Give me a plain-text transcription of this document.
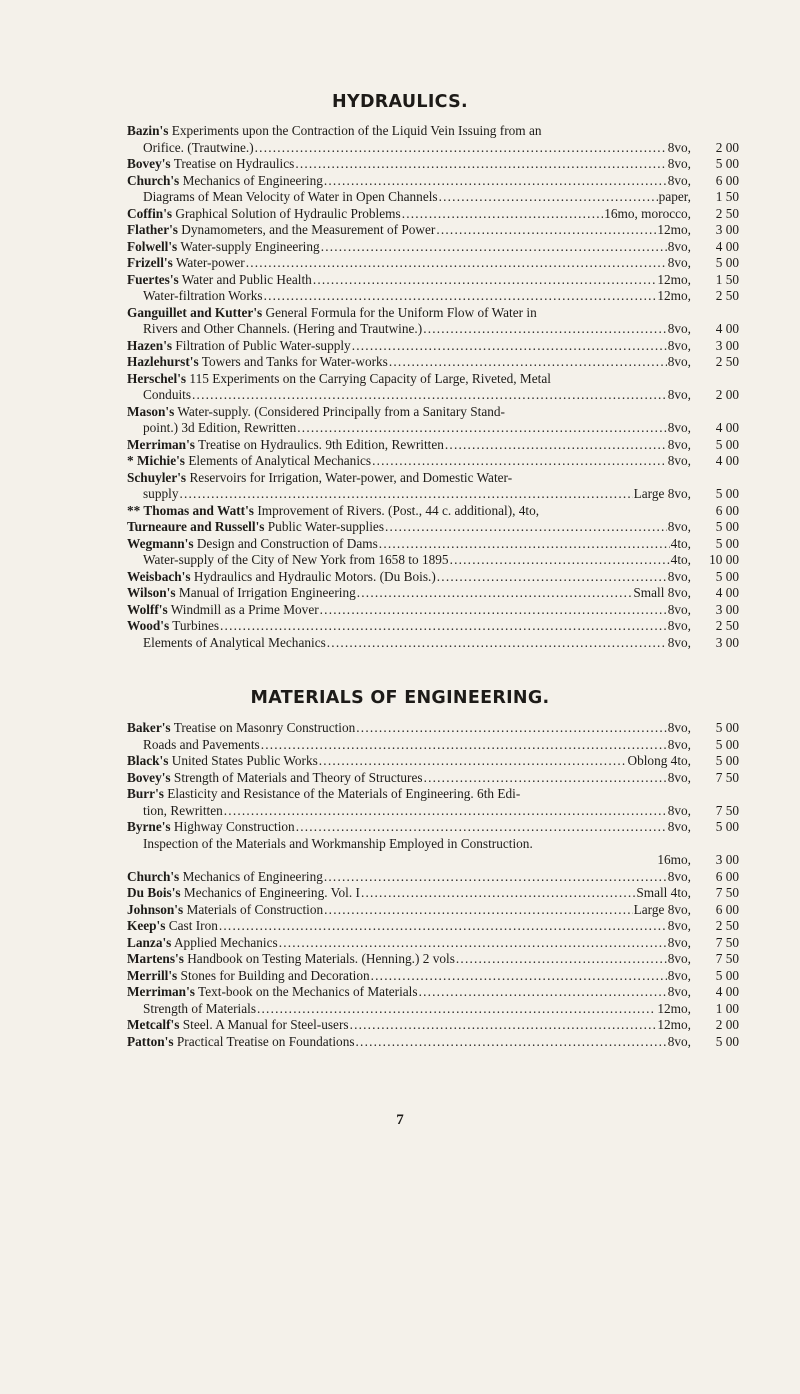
HYDRAULICS.
Bazin's Experiments upon the Contraction of the Liquid Vein Issuing from an
Orifice. (Trautwine.) .....	8vo,	2 00
Bovey's Treatise on Hydraulics .....	8vo,	5 00
Church's Mechanics of Engineering .....	8vo,	6 00
Diagrams of Mean Velocity of Water in Open Channels .....	paper,	1 50
Coffin's Graphical Solution of Hydraulic Problems .....	16mo, morocco,	2 50
Flather's Dynamometers, and the Measurement of Power .....	12mo,	3 00
Folwell's Water-supply Engineering .....	8vo,	4 00
Frizell's Water-power .....	8vo,	5 00
Fuertes's Water and Public Health .....	12mo,	1 50
Water-filtration Works .....	12mo,	2 50
Ganguillet and Kutter's General Formula for the Uniform Flow of Water in
Rivers and Other Channels. (Hering and Trautwine.) .....	8vo,	4 00
Hazen's Filtration of Public Water-supply .....	8vo,	3 00
Hazlehurst's Towers and Tanks for Water-works .....	8vo,	2 50
Herschel's 115 Experiments on the Carrying Capacity of Large, Riveted, Metal
Conduits .....	8vo,	2 00
Mason's Water-supply. (Considered Principally from a Sanitary Stand-
point.) 3d Edition, Rewritten .....	8vo,	4 00
Merriman's Treatise on Hydraulics. 9th Edition, Rewritten .....	8vo,	5 00
* Michie's Elements of Analytical Mechanics .....	8vo,	4 00
Schuyler's Reservoirs for Irrigation, Water-power, and Domestic Water-
supply .....	Large 8vo,	5 00
** Thomas and Watt's Improvement of Rivers. (Post., 44 c. additional), 4to,	6 00
Turneaure and Russell's Public Water-supplies .....	8vo,	5 00
Wegmann's Design and Construction of Dams .....	4to,	5 00
Water-supply of the City of New York from 1658 to 1895 .....	4to,	10 00
Weisbach's Hydraulics and Hydraulic Motors. (Du Bois.) .....	8vo,	5 00
Wilson's Manual of Irrigation Engineering .....	Small 8vo,	4 00
Wolff's Windmill as a Prime Mover .....	8vo,	3 00
Wood's Turbines .....	8vo,	2 50
Elements of Analytical Mechanics .....	8vo,	3 00
MATERIALS OF ENGINEERING.
Baker's Treatise on Masonry Construction .....	8vo,	5 00
Roads and Pavements .....	8vo,	5 00
Black's United States Public Works .....	Oblong 4to,	5 00
Bovey's Strength of Materials and Theory of Structures .....	8vo,	7 50
Burr's Elasticity and Resistance of the Materials of Engineering. 6th Edi-
tion, Rewritten .....	8vo,	7 50
Byrne's Highway Construction .....	8vo,	5 00
Inspection of the Materials and Workmanship Employed in Construction.
16mo,	3 00
Church's Mechanics of Engineering .....	8vo,	6 00
Du Bois's Mechanics of Engineering. Vol. I .....	Small 4to,	7 50
Johnson's Materials of Construction .....	Large 8vo,	6 00
Keep's Cast Iron .....	8vo,	2 50
Lanza's Applied Mechanics .....	8vo,	7 50
Martens's Handbook on Testing Materials. (Henning.) 2 vols .....	8vo,	7 50
Merrill's Stones for Building and Decoration .....	8vo,	5 00
Merriman's Text-book on the Mechanics of Materials .....	8vo,	4 00
Strength of Materials .....	12mo,	1 00
Metcalf's Steel. A Manual for Steel-users .....	12mo,	2 00
Patton's Practical Treatise on Foundations .....	8vo,	5 00
7
